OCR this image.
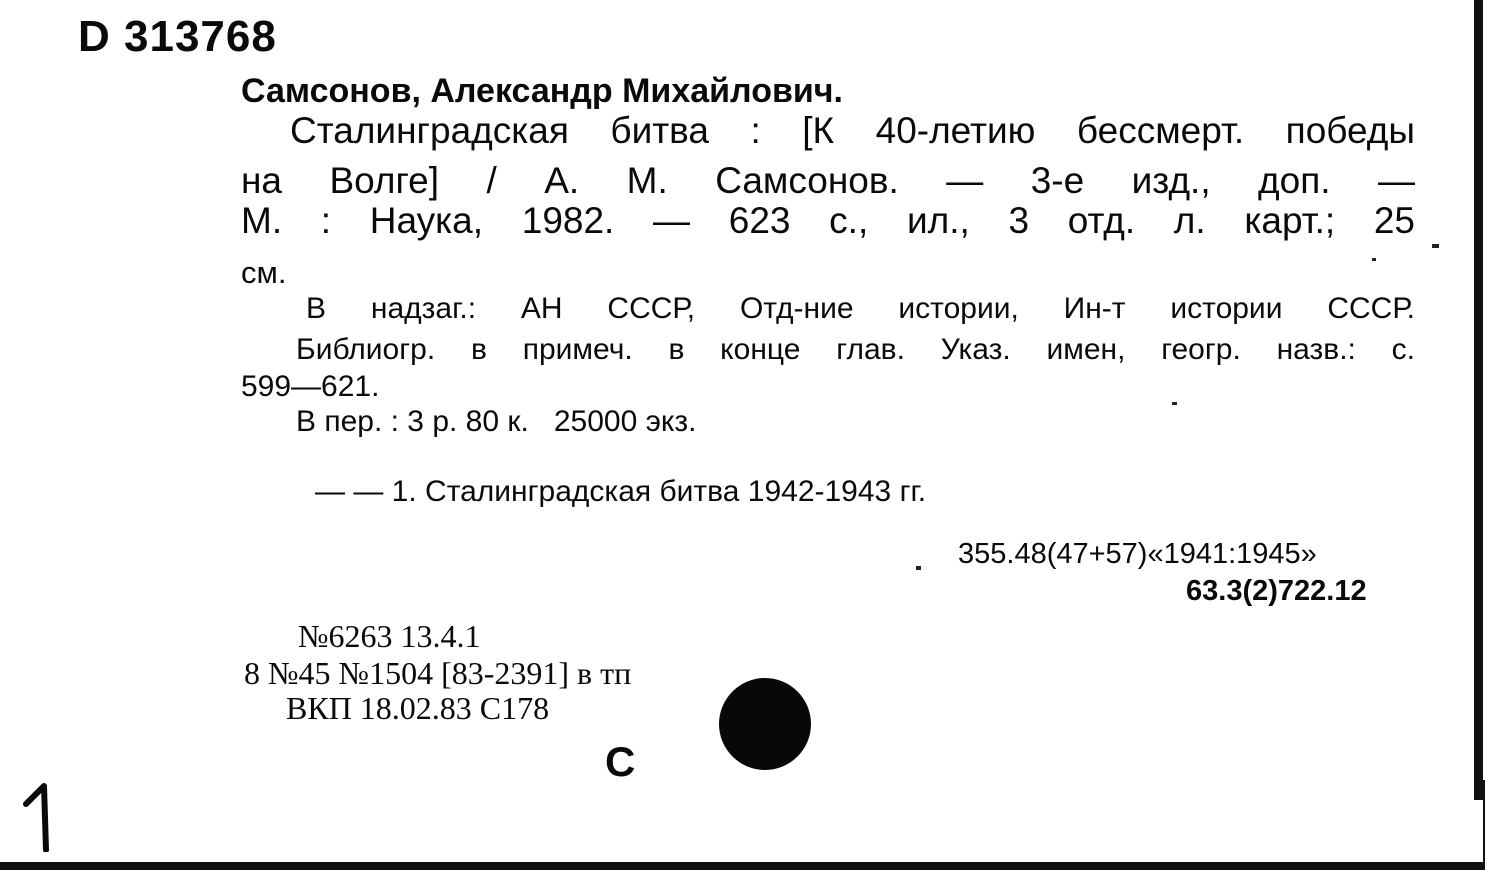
D 313768
Самсонов, Александр Михайлович.
Сталинградская битва : [К 40-летию бессмерт. победы
на Волге] / А. М. Самсонов. — 3-е изд., доп. —
М. : Наука, 1982. — 623 с., ил., 3 отд. л. карт.; 25
см.
В надзаг.: АН СССР, Отд-ние истории, Ин-т истории СССР.
Библиогр. в примеч. в конце глав. Указ. имен, геогр. назв.: с.
599—621.
В пер. : 3 р. 80 к.   25000 экз.
— — 1. Сталинградская битва 1942-1943 гг.
355.48(47+57)«1941:1945»
63.3(2)722.12
№6263 13.4.1
8 №45 №1504 [83-2391] в тп
ВКП 18.02.83 С178
С
